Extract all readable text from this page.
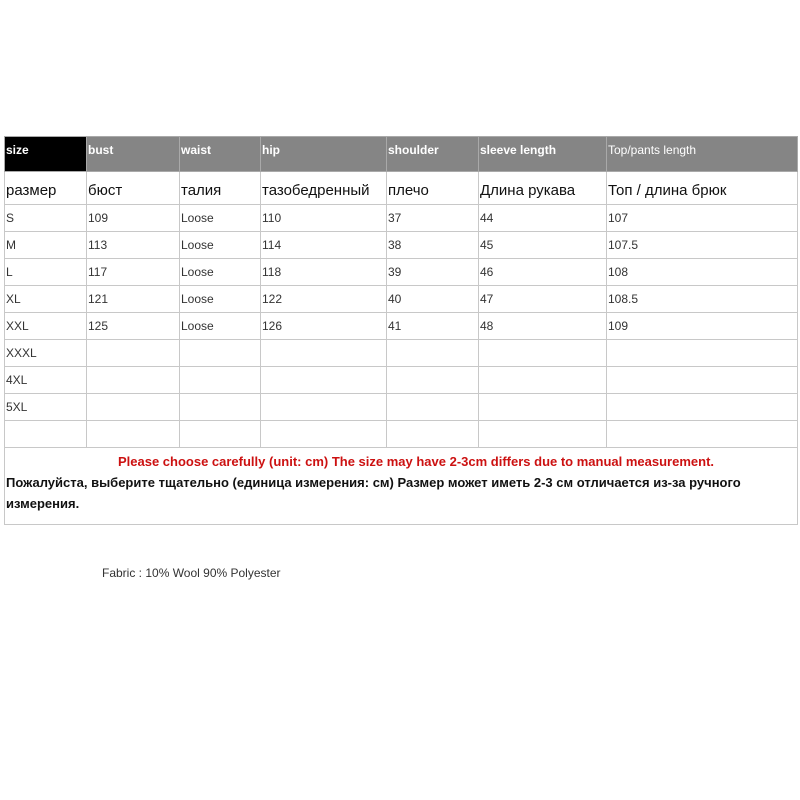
size	bust	waist	hip	shoulder	sleeve length	Top/pants length
размер	бюст	талия	тазобедренный	плечо	Длина рукава	Топ / длина брюк
S	109	Loose	110	37	44	107
M	113	Loose	114	38	45	107.5
L	117	Loose	118	39	46	108
XL	121	Loose	122	40	47	108.5
XXL	125	Loose	126	41	48	109
XXXL						
4XL						
5XL						

Please choose carefully (unit: cm) The size may have 2-3cm differs due to manual measurement.

Пожалуйста, выберите тщательно (единица измерения: см) Размер может иметь 2-3 см отличается из-за ручного измерения.						

Fabric : 10% Wool 90% Polyester
